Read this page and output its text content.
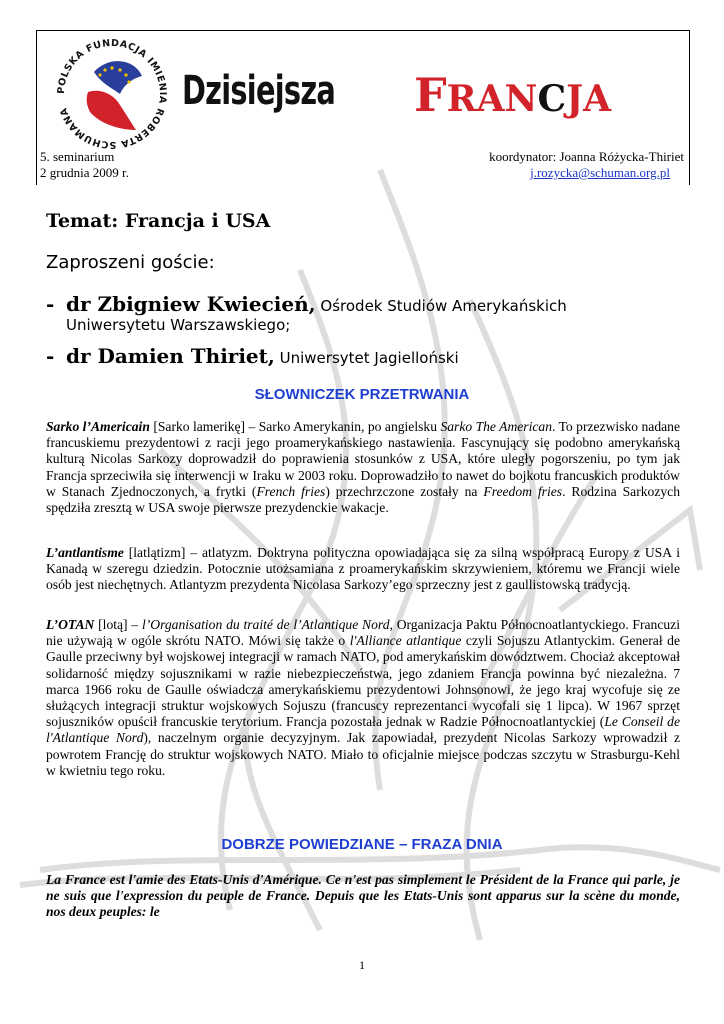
POLSKA FUNDACJA IMIENIA ROBERTA SCHUMANA	Dzisiejsza FRANCJA
5. seminarium
2 grudnia 2009 r.
koordynator: Joanna Różycka-Thiriet
j.rozycka@schuman.org.pl
Temat: Francja i USA
Zaproszeni goście:
- dr Zbigniew Kwiecień, Ośrodek Studiów Amerykańskich
Uniwersytetu Warszawskiego;
- dr Damien Thiriet, Uniwersytet Jagielloński
SŁOWNICZEK PRZETRWANIA
Sarko l’Americain [Sarko lamerikę] – Sarko Amerykanin, po angielsku Sarko The American. To przezwisko nadane francuskiemu prezydentowi z racji jego proamerykańskiego nastawienia. Fascynujący się podobno amerykańską kulturą Nicolas Sarkozy doprowadził do poprawienia stosunków z USA, które uległy pogorszeniu, po tym jak Francja sprzeciwiła się interwencji w Iraku w 2003 roku. Doprowadziło to nawet do bojkotu francuskich produktów w Stanach Zjednoczonych, a frytki (French fries) przechrzczone zostały na Freedom fries. Rodzina Sarkozych spędziła zresztą w USA swoje pierwsze prezydenckie wakacje.
L’antlantisme [latlątizm] – atlatyzm. Doktryna polityczna opowiadająca się za silną współpracą Europy z USA i Kanadą w szeregu dziedzin. Potocznie utożsamiana z proamerykańskim skrzywieniem, któremu we Francji wiele osób jest niechętnych. Atlantyzm prezydenta Nicolasa Sarkozy’ego sprzeczny jest z gaullistowską tradycją.
L’OTAN [lotą] – l’Organisation du traité de l’Atlantique Nord, Organizacja Paktu Północnoatlantyckiego. Francuzi nie używają w ogóle skrótu NATO. Mówi się także o l'Alliance atlantique czyli Sojuszu Atlantyckim. Generał de Gaulle przeciwny był wojskowej integracji w ramach NATO, pod amerykańskim dowództwem. Chociaż akceptował solidarność między sojusznikami w razie niebezpieczeństwa, jego zdaniem Francja powinna być niezależna. 7 marca 1966 roku de Gaulle oświadcza amerykańskiemu prezydentowi Johnsonowi, że jego kraj wycofuje się ze służących integracji struktur wojskowych Sojuszu (francuscy reprezentanci wycofali się 1 lipca). W 1967 sprzęt sojuszników opuścił francuskie terytorium. Francja pozostała jednak w Radzie Północnoatlantyckiej (Le Conseil de l'Atlantique Nord), naczelnym organie decyzyjnym. Jak zapowiadał, prezydent Nicolas Sarkozy wprowadził z powrotem Francję do struktur wojskowych NATO. Miało to oficjalnie miejsce podczas szczytu w Strasburgu-Kehl w kwietniu tego roku.
DOBRZE POWIEDZIANE – FRAZA DNIA
La France est l'amie des Etats-Unis d'Amérique. Ce n'est pas simplement le Président de la France qui parle, je ne suis que l'expression du peuple de France. Depuis que les Etats-Unis sont apparus sur la scène du monde, nos deux peuples: le
1
